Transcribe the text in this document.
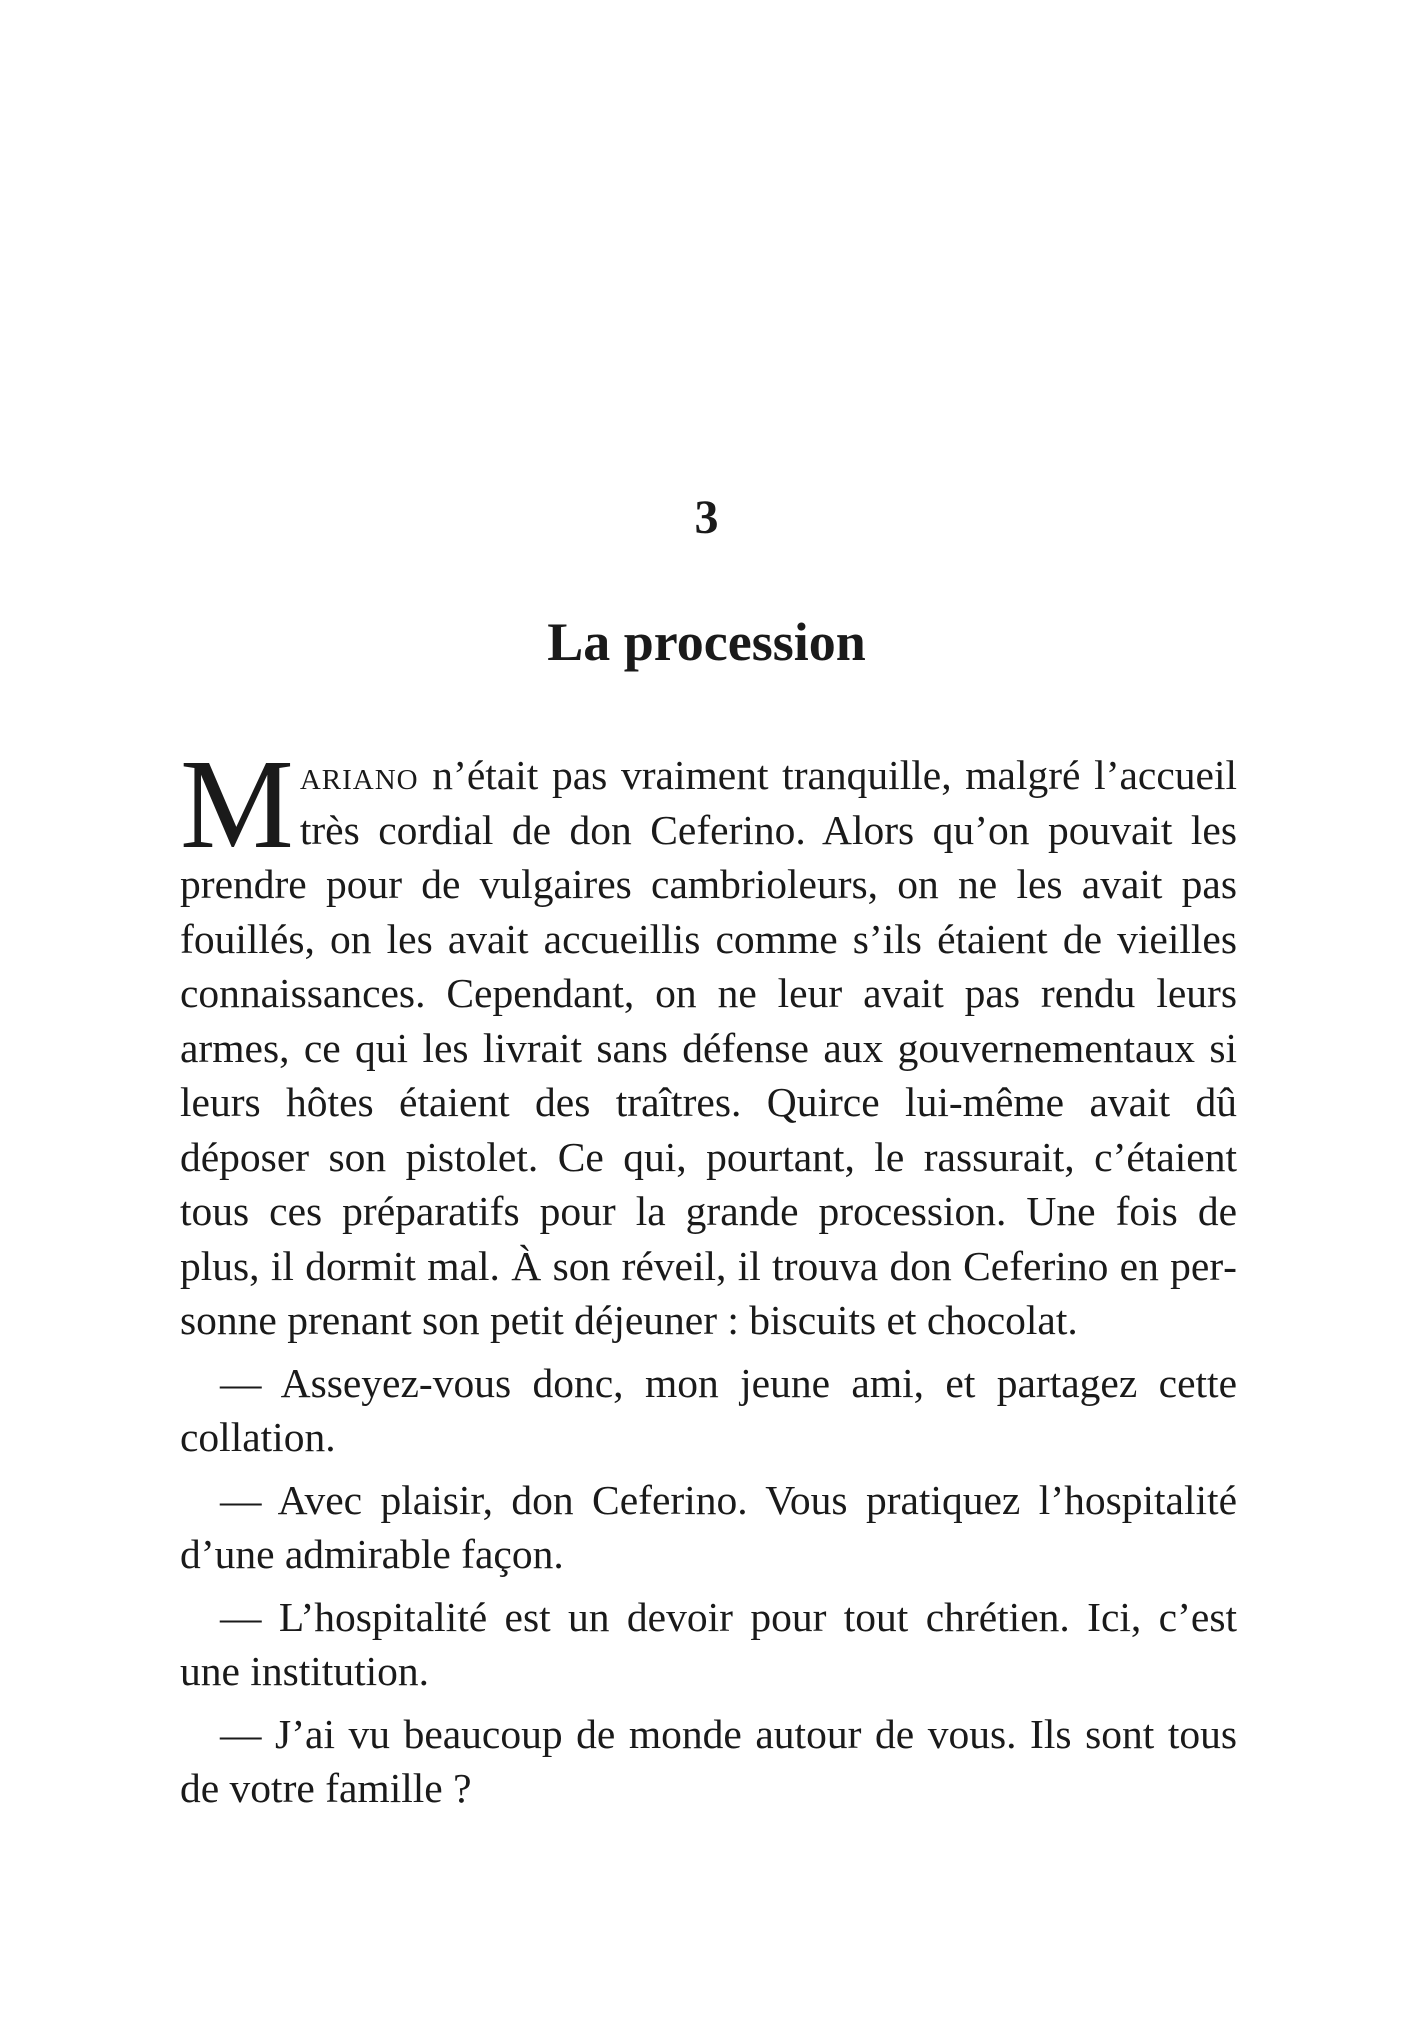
3
La procession

Mariano n’était pas vraiment tranquille, malgré l’accueil très cordial de don Ceferino. Alors qu’on pouvait les prendre pour de vulgaires cambrioleurs, on ne les avait pas fouillés, on les avait accueillis comme s’ils étaient de vieilles connaissances. Cependant, on ne leur avait pas rendu leurs armes, ce qui les livrait sans défense aux gouvernementaux si leurs hôtes étaient des traîtres. Quirce lui-même avait dû déposer son pistolet. Ce qui, pourtant, le rassurait, c’étaient tous ces préparatifs pour la grande procession. Une fois de plus, il dormit mal. À son réveil, il trouva don Ceferino en personne prenant son petit déjeuner : biscuits et chocolat.

— Asseyez-vous donc, mon jeune ami, et partagez cette collation.

— Avec plaisir, don Ceferino. Vous pratiquez l’hospitalité d’une admirable façon.

— L’hospitalité est un devoir pour tout chrétien. Ici, c’est une institution.

— J’ai vu beaucoup de monde autour de vous. Ils sont tous de votre famille ?
